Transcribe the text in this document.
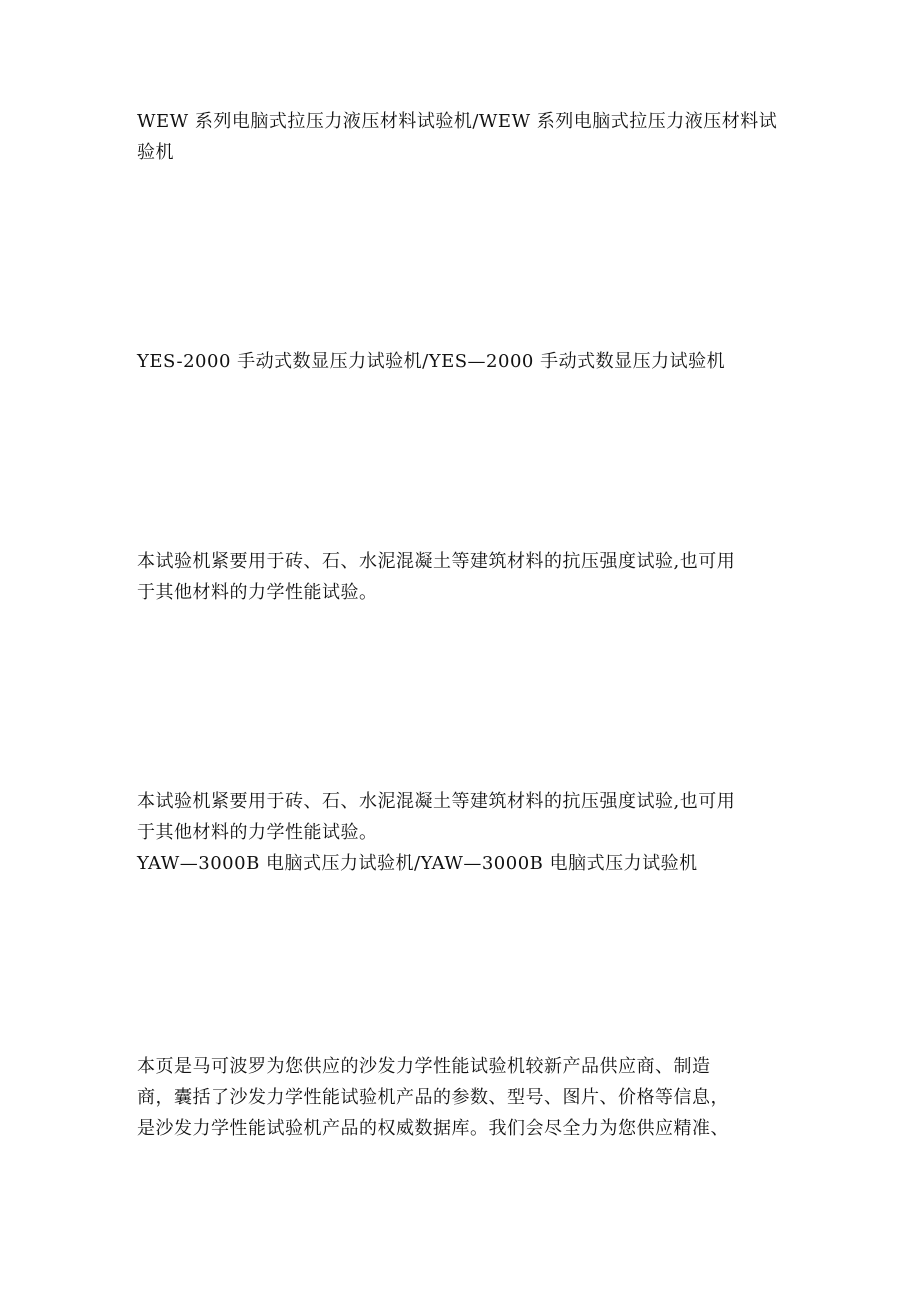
WEW 系列电脑式拉压力液压材料试验机/WEW 系列电脑式拉压力液压材料试
验机

YES-2000 手动式数显压力试验机/YES—2000 手动式数显压力试验机

本试验机紧要用于砖、石、水泥混凝土等建筑材料的抗压强度试验,也可用
于其他材料的力学性能试验。

本试验机紧要用于砖、石、水泥混凝土等建筑材料的抗压强度试验,也可用
于其他材料的力学性能试验。
YAW—3000B 电脑式压力试验机/YAW—3000B 电脑式压力试验机

本页是马可波罗为您供应的沙发力学性能试验机较新产品供应商、制造
商，囊括了沙发力学性能试验机产品的参数、型号、图片、价格等信息，
是沙发力学性能试验机产品的权威数据库。我们会尽全力为您供应精准、
